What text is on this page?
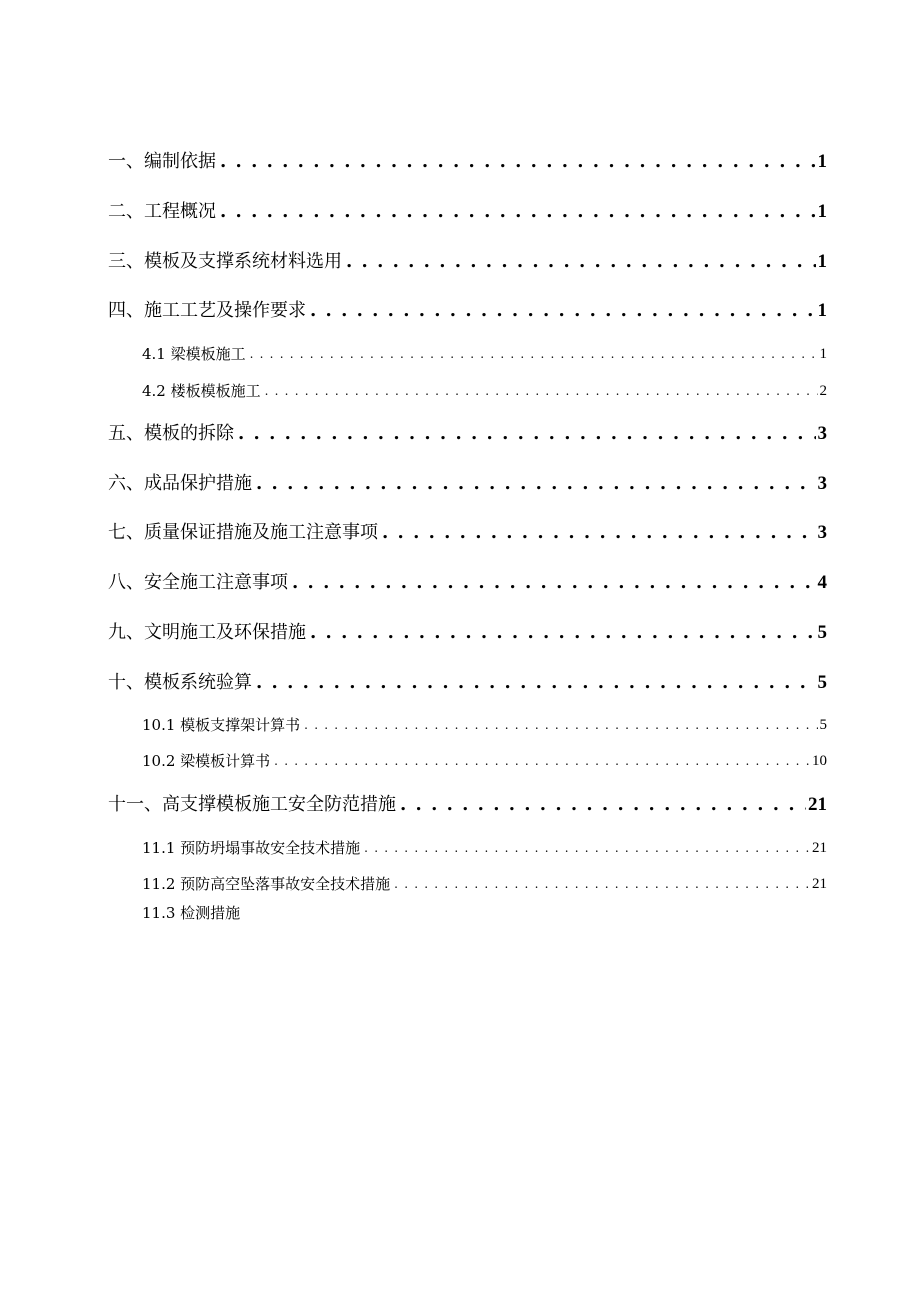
一、编制依据 . . .	1
二、工程概况 . . .	1
三、模板及支撑系统材料选用 . . .	1
四、施工工艺及操作要求 . . .	1
4.1 梁模板施工 . . .	1
4.2 楼板模板施工 . . .	2
五、模板的拆除 . . .	3
六、成品保护措施 . . .	3
七、质量保证措施及施工注意事项 . . .	3
八、安全施工注意事项 . . .	4
九、文明施工及环保措施 . . .	5
十、模板系统验算 . . .	5
10.1 模板支撑架计算书 . . .	5
10.2 梁模板计算书 . . .	10
十一、高支撑模板施工安全防范措施 . . .	21
11.1 预防坍塌事故安全技术措施 . . .	21
11.2 预防高空坠落事故安全技术措施 . . .	21
11.3 检测措施
